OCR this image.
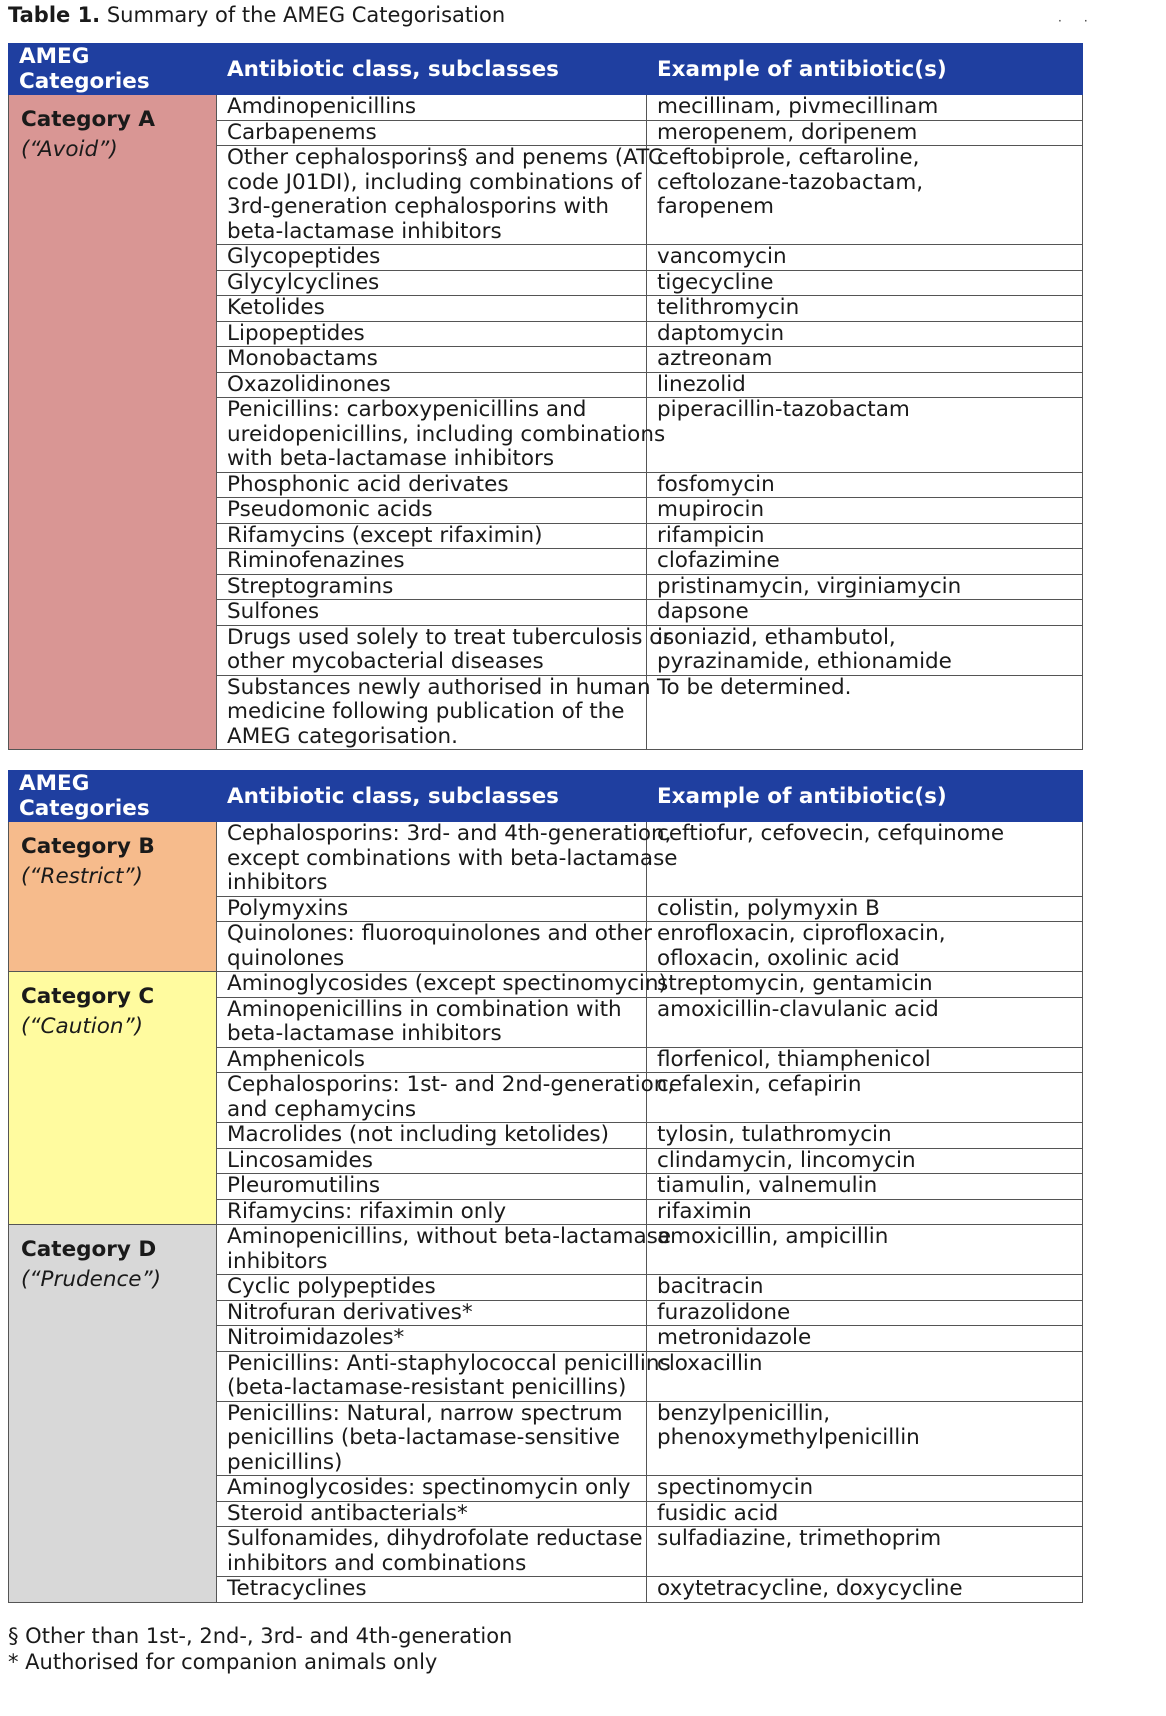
Table 1. Summary of the AMEG Categorisation	··
AMEG Categories	Antibiotic class, subclasses	Example of antibiotic(s)

Category A
(“Avoid”)	Amdinopenicillins	mecillinam, pivmecillinam
	Carbapenems	meropenem, doripenem
	Other cephalosporins§ and penems (ATC
code J01DI), including combinations of
3rd-generation cephalosporins with
beta-lactamase inhibitors	ceftobiprole, ceftaroline,
ceftolozane-tazobactam,
faropenem
	Glycopeptides	vancomycin
	Glycylcyclines	tigecycline
	Ketolides	telithromycin
	Lipopeptides	daptomycin
	Monobactams	aztreonam
	Oxazolidinones	linezolid
	Penicillins: carboxypenicillins and
ureidopenicillins, including combinations
with beta-lactamase inhibitors	piperacillin-tazobactam
	Phosphonic acid derivates	fosfomycin
	Pseudomonic acids	mupirocin
	Rifamycins (except rifaximin)	rifampicin
	Riminofenazines	clofazimine
	Streptogramins	pristinamycin, virginiamycin
	Sulfones	dapsone
	Drugs used solely to treat tuberculosis or
other mycobacterial diseases	isoniazid, ethambutol,
pyrazinamide, ethionamide
	Substances newly authorised in human
medicine following publication of the
AMEG categorisation.	To be determined.
AMEG Categories	Antibiotic class, subclasses	Example of antibiotic(s)

Category B
(“Restrict”)	Cephalosporins: 3rd- and 4th-generation,
except combinations with beta-lactamase
inhibitors	ceftiofur, cefovecin, cefquinome
	Polymyxins	colistin, polymyxin B
	Quinolones: fluoroquinolones and other
quinolones	enrofloxacin, ciprofloxacin,
ofloxacin, oxolinic acid

Category C
(“Caution”)	Aminoglycosides (except spectinomycin)	streptomycin, gentamicin
	Aminopenicillins in combination with
beta-lactamase inhibitors	amoxicillin-clavulanic acid
	Amphenicols	florfenicol, thiamphenicol
	Cephalosporins: 1st- and 2nd-generation,
and cephamycins	cefalexin, cefapirin
	Macrolides (not including ketolides)	tylosin, tulathromycin
	Lincosamides	clindamycin, lincomycin
	Pleuromutilins	tiamulin, valnemulin
	Rifamycins: rifaximin only	rifaximin

Category D
(“Prudence”)	Aminopenicillins, without beta-lactamase
inhibitors	amoxicillin, ampicillin
	Cyclic polypeptides	bacitracin
	Nitrofuran derivatives*	furazolidone
	Nitroimidazoles*	metronidazole
	Penicillins: Anti-staphylococcal penicillins
(beta-lactamase-resistant penicillins)	cloxacillin
	Penicillins: Natural, narrow spectrum
penicillins (beta-lactamase-sensitive
penicillins)	benzylpenicillin,
phenoxymethylpenicillin
	Aminoglycosides: spectinomycin only	spectinomycin
	Steroid antibacterials*	fusidic acid
	Sulfonamides, dihydrofolate reductase
inhibitors and combinations	sulfadiazine, trimethoprim
	Tetracyclines	oxytetracycline, doxycycline
§ Other than 1st-, 2nd-, 3rd- and 4th-generation
* Authorised for companion animals only
